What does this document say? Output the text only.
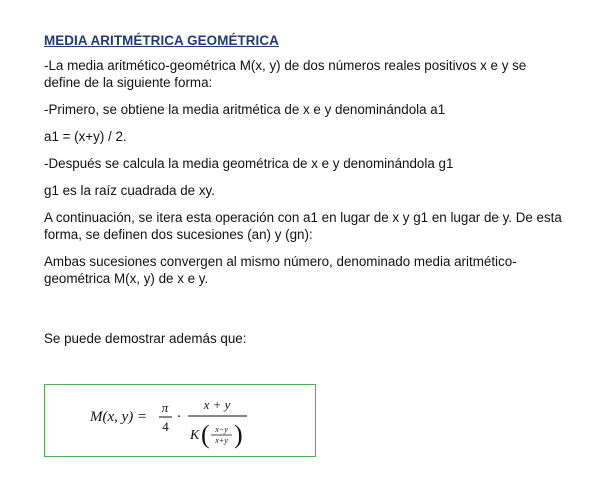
MEDIA ARITMÉTRICA GEOMÉTRICA

-La media aritmético-geométrica M(x, y) de dos números reales positivos x e y se define de la siguiente forma:

-Primero, se obtiene la media aritmética de x e y denominándola a1

a1 = (x+y) / 2.

-Después se calcula la media geométrica de x e y denominándola g1

g1 es la raíz cuadrada de xy.

A continuación, se itera esta operación con a1 en lugar de x y g1 en lugar de y. De esta forma, se definen dos sucesiones (an) y (gn):

Ambas sucesiones convergen al mismo número, denominado media aritmético-geométrica M(x, y) de x e y.

Se puede demostrar además que:

M(x, y) =
π
4
·
x + y
K ( x−y
x+y )
